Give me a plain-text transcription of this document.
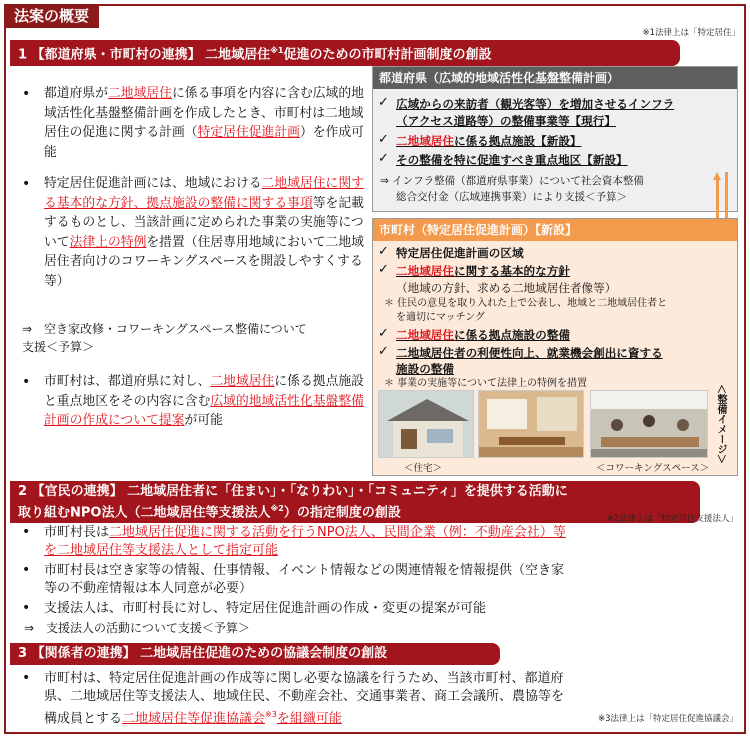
法案の概要
※1法律上は「特定居住」
1 【都道府県・市町村の連携】 二地域居住$^{※1}$促進のための市町村計画制度の創設
• 都道府県が二地域居住に係る事項を内容に含む広域的地域活性化基盤整備計画を作成したとき、市町村は二地域居住の促進に関する計画（特定居住促進計画）を作成可能
• 特定居住促進計画には、地域における二地域居住に関する基本的な方針、拠点施設の整備に関する事項等を記載するものとし、当該計画に定められた事業の実施等について法律上の特例を措置（住居専用地域において二地域居住者向けのコワーキングスペースを開設しやすくする等）
⇒　空き家改修・コワーキングスペース整備について　　　支援＜予算＞
• 市町村は、都道府県に対し、二地域居住に係る拠点施設と重点地区をその内容に含む広域的地域活性化基盤整備計画の作成について提案が可能
都道府県（広域的地域活性化基盤整備計画）
✓ 広域からの来訪者（観光客等）を増加させるインフラ
（アクセス道路等）の整備事業等【現行】
✓ 二地域居住に係る拠点施設【新設】
✓ その整備を特に促進すべき重点地区【新設】
⇒ インフラ整備（都道府県事業）について社会資本整備
総合交付金（広域連携事業）により支援＜予算＞
市町村（特定居住促進計画）【新設】
✓ 特定居住促進計画の区域
✓ 二地域居住に関する基本的な方針
（地域の方針、求める二地域居住者像等）
＊ 住民の意見を取り入れた上で公表し、地域と二地域居住者と
を適切にマッチング
✓ 二地域居住に係る拠点施設の整備
✓ 二地域居住者の利便性向上、就業機会創出に資する
施設の整備
＊ 事業の実施等について法律上の特例を措置
＜住宅＞	＜コワーキングスペース＞
＜整備イメージ＞
2 【官民の連携】 二地域居住者に「住まい」・「なりわい」・「コミュニティ」を提供する活動に
取り組むNPO法人（二地域居住等支援法人$^{※2}$）の指定制度の創設	※2法律上は「特定居住支援法人」
• 市町村長は二地域居住促進に関する活動を行うNPO法人、民間企業（例：不動産会社）等
を二地域居住等支援法人として指定可能
• 市町村長は空き家等の情報、仕事情報、イベント情報などの関連情報を情報提供（空き家
等の不動産情報は本人同意が必要）
• 支援法人は、市町村長に対し、特定居住促進計画の作成・変更の提案が可能
⇒　支援法人の活動について支援＜予算＞
3 【関係者の連携】 二地域居住促進のための協議会制度の創設
• 市町村は、特定居住促進計画の作成等に関し必要な協議を行うため、当該市町村、都道府
県、二地域居住等支援法人、地域住民、不動産会社、交通事業者、商工会議所、農協等を
構成員とする二地域居住等促進協議会$^{※3}$を組織可能	※3法律上は「特定居住促進協議会」
